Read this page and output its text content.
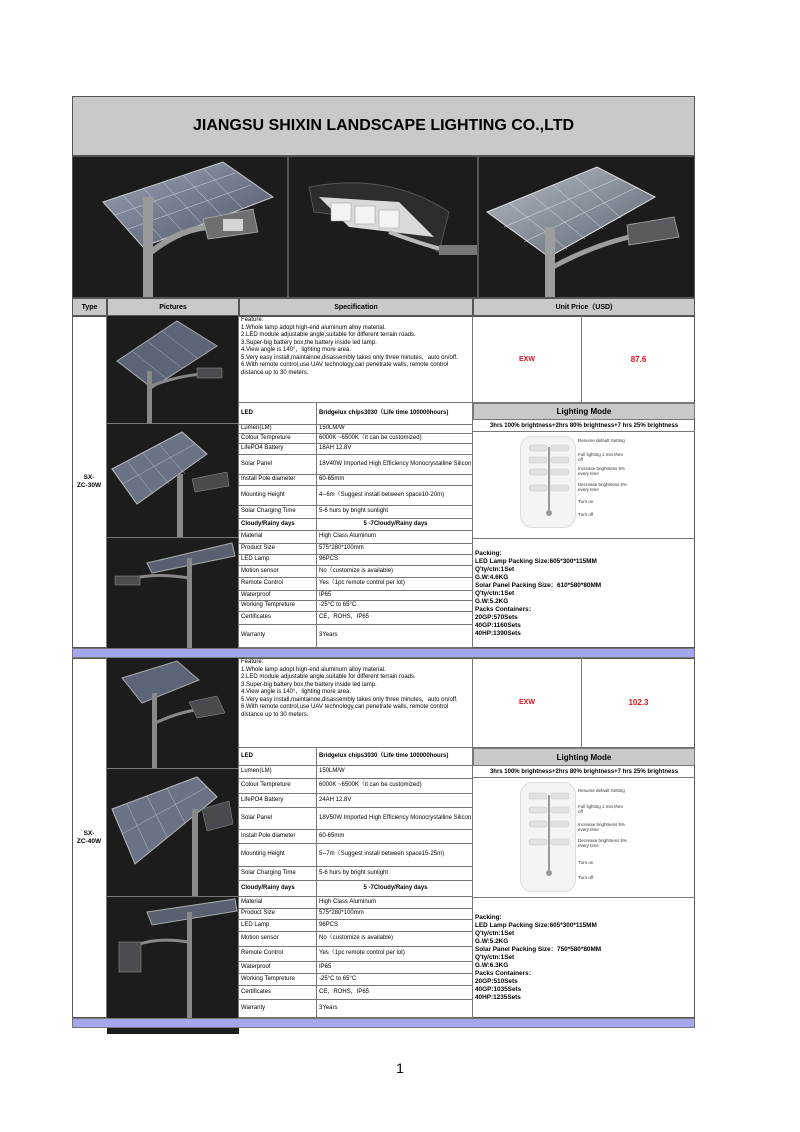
JIANGSU SHIXIN LANDSCAPE LIGHTING CO.,LTD
Type	Pictures	Specification	Unit Price（USD)
SX-
ZC-30W
Feature:
1.Whole lamp adopt high-end aluminum alloy material.
2.LED module adjustable angle,suitable for different terrain roads.
3.Super-big battery box,the battery inside led lamp.
4.View angle is 140°，lighting more area.
5.Very easy install,maintainoe,disassembly takes only three minutes，auto on/off.
6.With remote control,use UAV technology,can penetrate walls, remote control distance up to 30 meters.
EXW	87.6
LED	Bridgelux chips3030（Life time 100000hours)
Lumen(LM)	150LM/W
Colour Tempreture	6000K ~6500K（it can be customized)
LifePO4 Battery	18AH 12.8V
Solar Panel	18V40W Imported High Efficiency Monocrystalline Silicon
Install Pole diameter	60-65mm
Mounting Height	4--6m（Suggest install between space10-20m)
Solar Charging Time	5-6 hurs by bright sunlight
Cloudy/Rainy days	5 -7Cloudy/Rainy days
Material	High Class Aluminum
Product Size	575*280*100mm
LED Lamp	96PCS
Motion sensor	No（customize is available)
Remote Control	Yes（1pc remote control per lot)
Waterproof	IP65
Working Tempreture	-25°C to 65°C
Certificates	CE，ROHS，IP65
Warranty	3Years
Lighting Mode
3hrs 100% brightness+2hrs 80% brightness+7 hrs 25% brightness
Resume default Setting
Full lighting 1 min,then off
Increase brightness 5% every time
Decrease brightness 5% every time
Turn on
Turn off
Packing:
LED Lamp Packing Size:605*300*115MM
Q'ty/ctn:1Set
G.W:4.6KG
Solar Panel Packing Size：610*580*80MM
Q'ty/ctn:1Set
G.W:5.2KG
Packs Containers：
20GP:570Sets
40GP:1160Sets
40HP:1390Sets
SX-
ZC-40W
Feature:
1.Whole lamp adopt high-end aluminum alloy material.
2.LED module adjustable angle,suitable for different terrain roads.
3.Super-big battery box,the battery inside led lamp.
4.View angle is 140°，lighting more area.
5.Very easy install,maintainoe,disassembly takes only three minutes，auto on/off.
6.With remote control,use UAV technology,can penetrate walls, remote control distance up to 30 meters.
EXW	102.3
LED	Bridgelux chips3030（Life time 100000hours)
Lumen(LM)	150LM/W
Colour Tempreture	6000K ~6500K（it can be customized)
LifePO4 Battery	24AH 12.8V
Solar Panel	18V50W Imported High Efficiency Monocrystalline Silicon
Install Pole diameter	60-65mm
Mounting Height	5--7m（Suggest install between space15-25m)
Solar Charging Time	5-6 hurs by bright sunlight
Cloudy/Rainy days	5 -7Cloudy/Rainy days
Material	High Class Aluminum
Product Size	575*280*100mm
LED Lamp	96PCS
Motion sensor	No（customize is available)
Remote Control	Yes（1pc remote control per lot)
Waterproof	IP65
Working Tempreture	-25°C to 65°C
Certificates	CE，ROHS，IP65
Warranty	3Years
Lighting Mode
3hrs 100% brightness+2hrs 80% brightness+7 hrs 25% brightness
Resume default Setting
Full lighting 1 min,then off
Increase brightness 5% every time
Decrease brightness 5% every time
Turn on
Turn off
Packing:
LED Lamp Packing Size:605*300*115MM
Q'ty/ctn:1Set
G.W:5.2KG
Solar Panel Packing Size：750*580*80MM
Q'ty/ctn:1Set
G.W:6.3KG
Packs Containers：
20GP:510Sets
40GP:1035Sets
40HP:1235Sets
1
